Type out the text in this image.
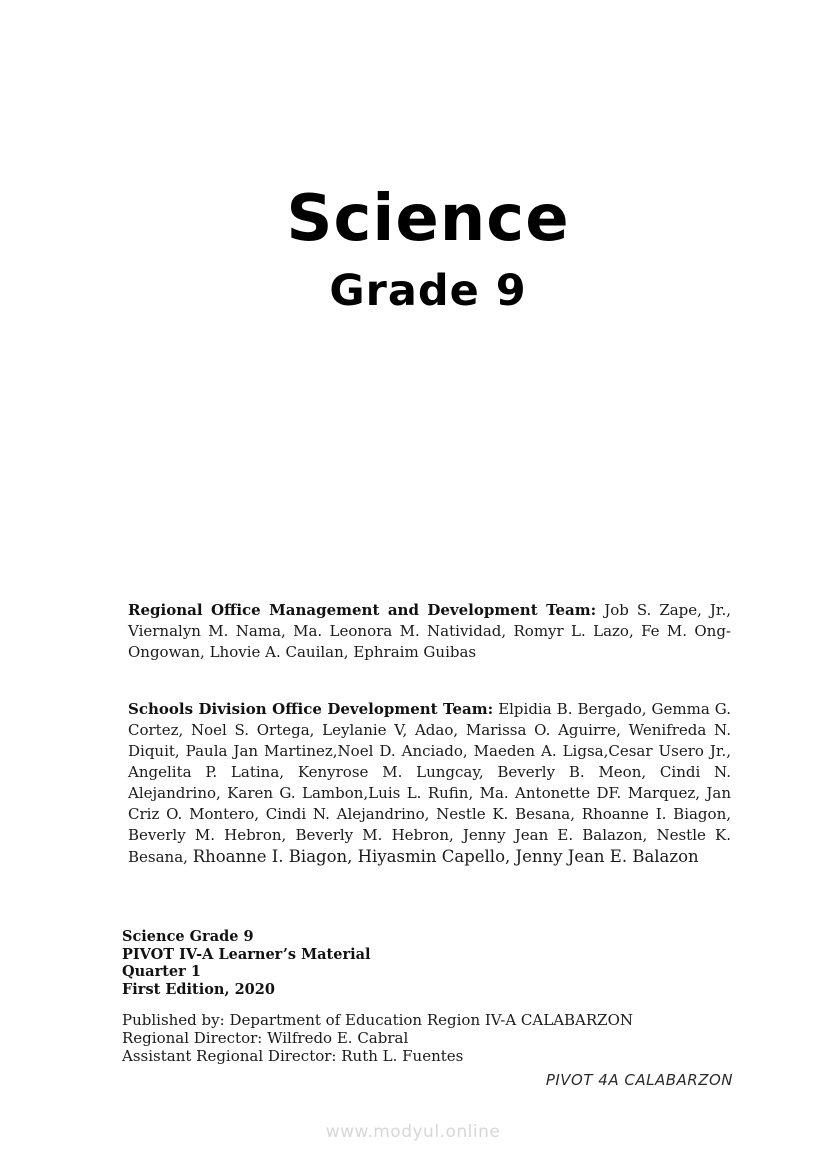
Science
Grade 9

Regional Office Management and Development Team: Job S. Zape, Jr., Viernalyn M. Nama, Ma. Leonora M. Natividad, Romyr L. Lazo, Fe M. Ong-Ongowan, Lhovie A. Cauilan, Ephraim Guibas

Schools Division Office Development Team: Elpidia B. Bergado, Gemma G. Cortez, Noel S. Ortega, Leylanie V, Adao, Marissa O. Aguirre, Wenifreda N. Diquit, Paula Jan Martinez,Noel D. Anciado, Maeden A. Ligsa,Cesar Usero Jr., Angelita P. Latina, Kenyrose M. Lungcay, Beverly B. Meon, Cindi N. Alejandrino, Karen G. Lambon,Luis L. Rufin, Ma. Antonette DF. Marquez, Jan Criz O. Montero, Cindi N. Alejandrino, Nestle K. Besana, Rhoanne I. Biagon, Beverly M. Hebron, Beverly M. Hebron, Jenny Jean E. Balazon, Nestle K. Besana, Rhoanne I. Biagon, Hiyasmin Capello, Jenny Jean E. Balazon

Science Grade 9
PIVOT IV-A Learner’s Material
Quarter 1
First Edition, 2020
Published by: Department of Education Region IV-A CALABARZON
Regional Director: Wilfredo E. Cabral
Assistant Regional Director: Ruth L. Fuentes
PIVOT 4A CALABARZON
www.modyul.online
